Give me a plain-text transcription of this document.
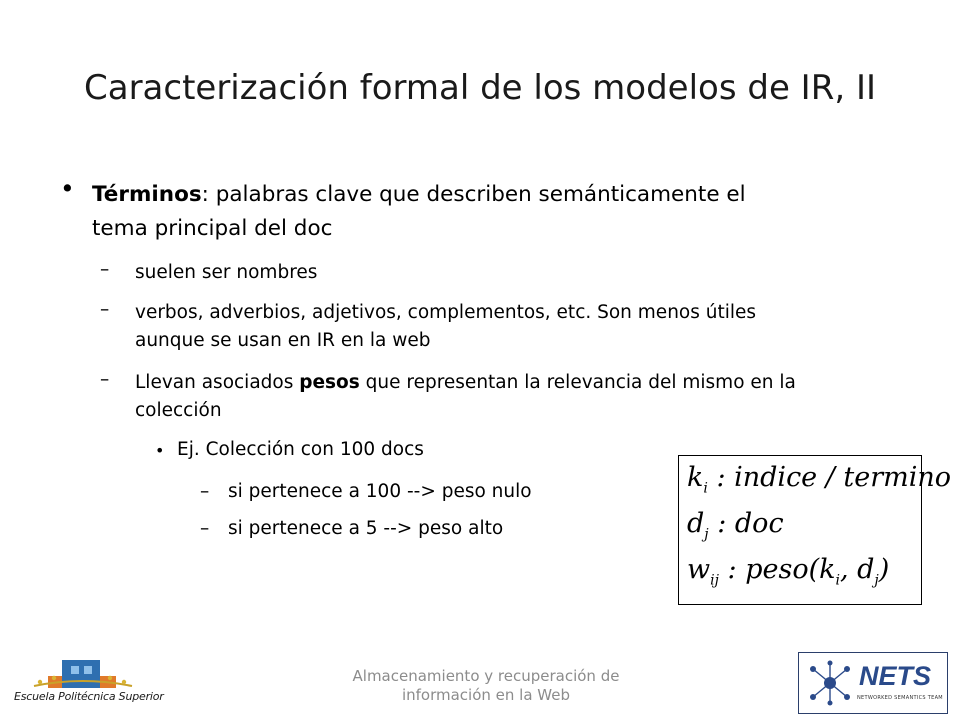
Caracterización formal de los modelos de IR, II
• Términos: palabras clave que describen semánticamente el
tema principal del doc
– suelen ser nombres
– verbos, adverbios, adjetivos, complementos, etc. Son menos útiles
aunque se usan en IR en la web
– Llevan asociados pesos que representan la relevancia del mismo en la
colección
• Ej. Colección con 100 docs
– si pertenece a 100 --> peso nulo
– si pertenece a 5 --> peso alto
$k_i$ : indice / termino
$d_j$ : doc
$w_{ij}$ : $peso(k_i$, $d_j$)
Escuela Politécnica Superior
Almacenamiento y recuperación de
información en la Web
NETS
NETWORKED SEMANTICS TEAM
